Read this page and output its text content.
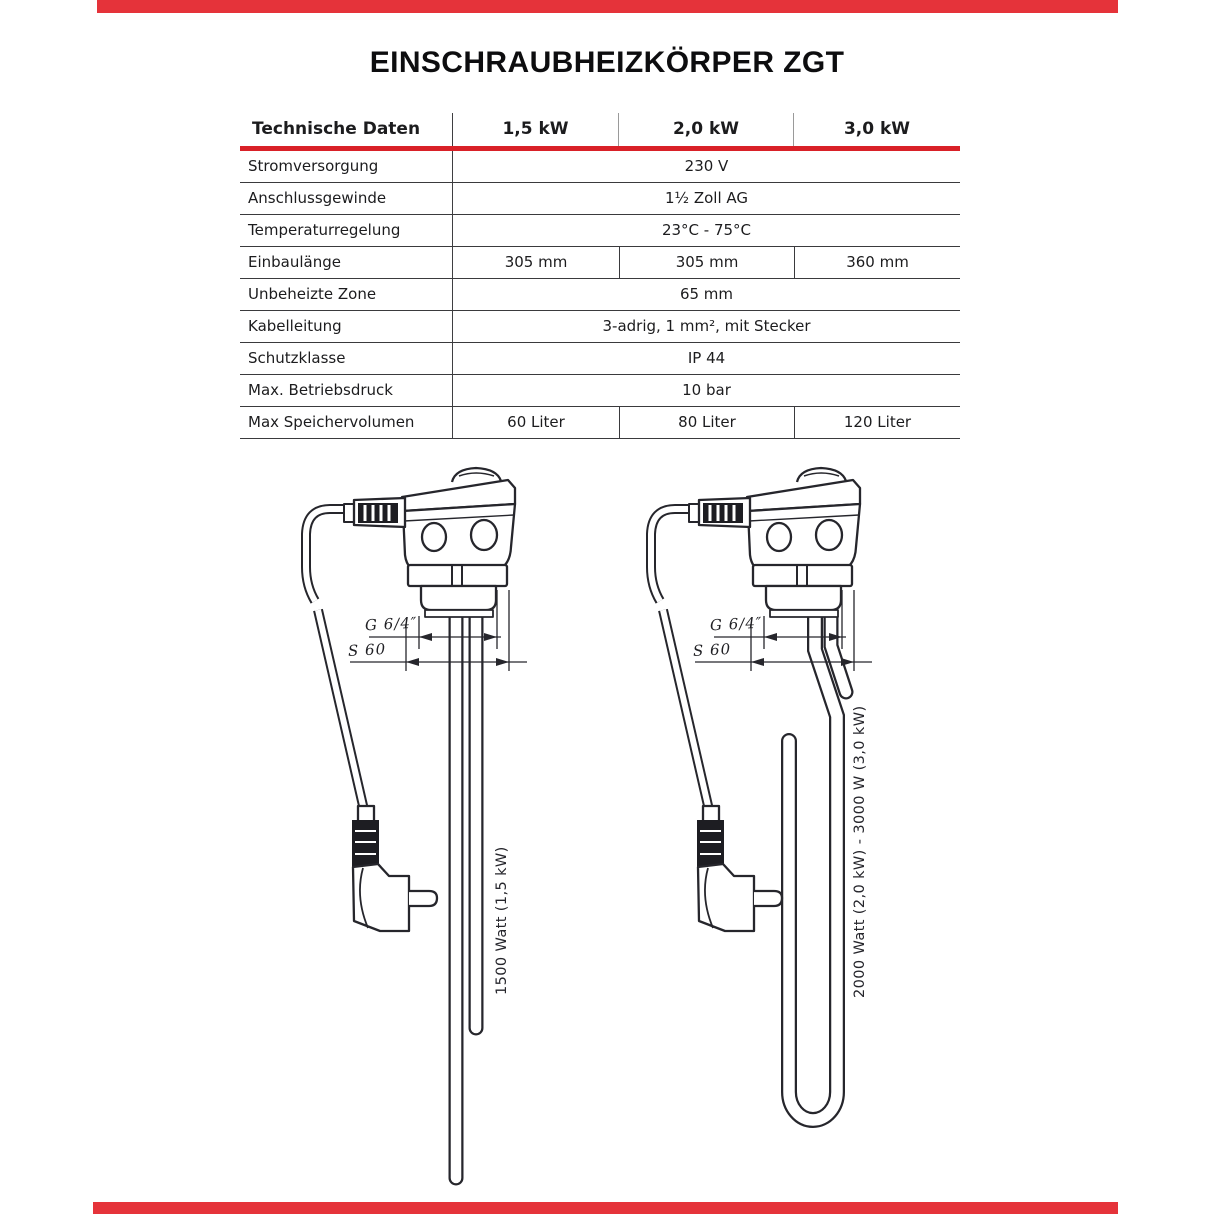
EINSCHRAUBHEIZKÖRPER ZGT
Technische Daten	1,5 kW	2,0 kW	3,0 kW
Stromversorgung	230 V
Anschlussgewinde	1½ Zoll AG
Temperaturregelung	23°C - 75°C
Einbaulänge	305 mm	305 mm	360 mm
Unbeheizte Zone	65 mm
Kabelleitung	3-adrig, 1 mm², mit Stecker
Schutzklasse	IP 44
Max. Betriebsdruck	10 bar
Max Speichervolumen	60 Liter	80 Liter	120 Liter
G 6/4″
S 60
G 6/4″
S 60
1500 Watt (1,5 kW)	2000 Watt (2,0 kW) - 3000 W (3,0 kW)
